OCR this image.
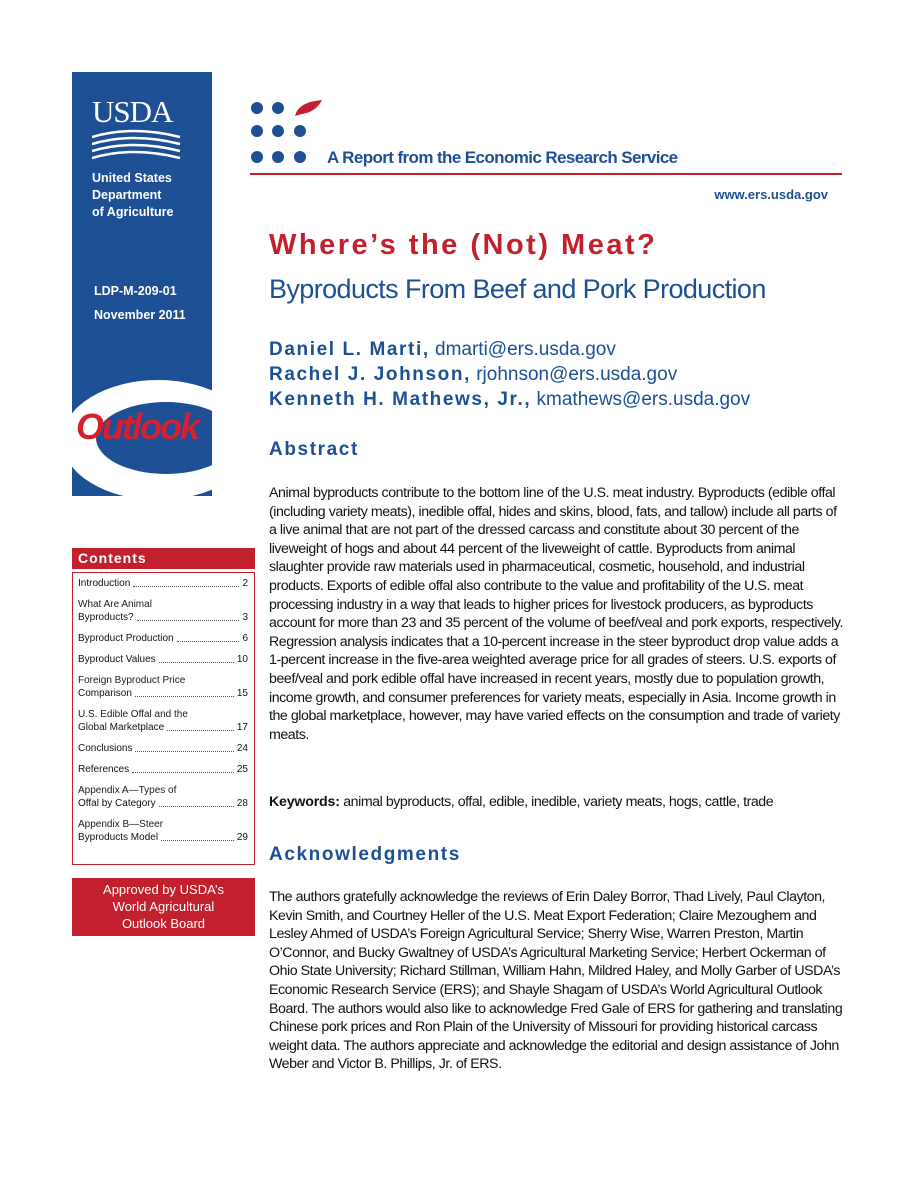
USDA
United States
Department
of Agriculture
LDP-M-209-01
November 2011
Outlook
Contents
Introduction	2
What Are Animal
Byproducts?	3
Byproduct Production	6
Byproduct Values	10
Foreign Byproduct Price
Comparison	15
U.S. Edible Offal and the
Global Marketplace	17
Conclusions	24
References	25
Appendix A—Types of
Offal by Category	28
Appendix B—Steer
Byproducts Model	29
Approved by USDA’s
World Agricultural
Outlook Board
A Report from the Economic Research Service
www.ers.usda.gov
Where’s the (Not) Meat?
Byproducts From Beef and Pork Production
Daniel L. Marti, dmarti@ers.usda.gov
Rachel J. Johnson, rjohnson@ers.usda.gov
Kenneth H. Mathews, Jr., kmathews@ers.usda.gov
Abstract
Animal byproducts contribute to the bottom line of the U.S. meat industry. Byproducts (edible offal (including variety meats), inedible offal, hides and skins, blood, fats, and tallow) include all parts of a live animal that are not part of the dressed carcass and constitute about 30 percent of the liveweight of hogs and about 44 percent of the liveweight of cattle. Byproducts from animal slaughter provide raw materials used in pharmaceutical, cosmetic, household, and industrial products. Exports of edible offal also contribute to the value and profitability of the U.S. meat processing industry in a way that leads to higher prices for livestock producers, as byproducts account for more than 23 and 35 percent of the volume of beef/veal and pork exports, respectively. Regression analysis indicates that a 10-percent increase in the steer byproduct drop value adds a 1-percent increase in the five-area weighted average price for all grades of steers. U.S. exports of beef/veal and pork edible offal have increased in recent years, mostly due to population growth, income growth, and consumer preferences for variety meats, especially in Asia. Income growth in the global marketplace, however, may have varied effects on the consumption and trade of variety meats.
Keywords: animal byproducts, offal, edible, inedible, variety meats, hogs, cattle, trade
Acknowledgments
The authors gratefully acknowledge the reviews of Erin Daley Borror, Thad Lively, Paul Clayton, Kevin Smith, and Courtney Heller of the U.S. Meat Export Federation; Claire Mezoughem and Lesley Ahmed of USDA’s Foreign Agricultural Service; Sherry Wise, Warren Preston, Martin O’Connor, and Bucky Gwaltney of USDA’s Agricultural Marketing Service; Herbert Ockerman of Ohio State University; Richard Stillman, William Hahn, Mildred Haley, and Molly Garber of USDA’s Economic Research Service (ERS); and Shayle Shagam of USDA’s World Agricultural Outlook Board. The authors would also like to acknowledge Fred Gale of ERS for gathering and translating Chinese pork prices and Ron Plain of the University of Missouri for providing historical carcass weight data. The authors appreciate and acknowledge the editorial and design assistance of John Weber and Victor B. Phillips, Jr. of ERS.
